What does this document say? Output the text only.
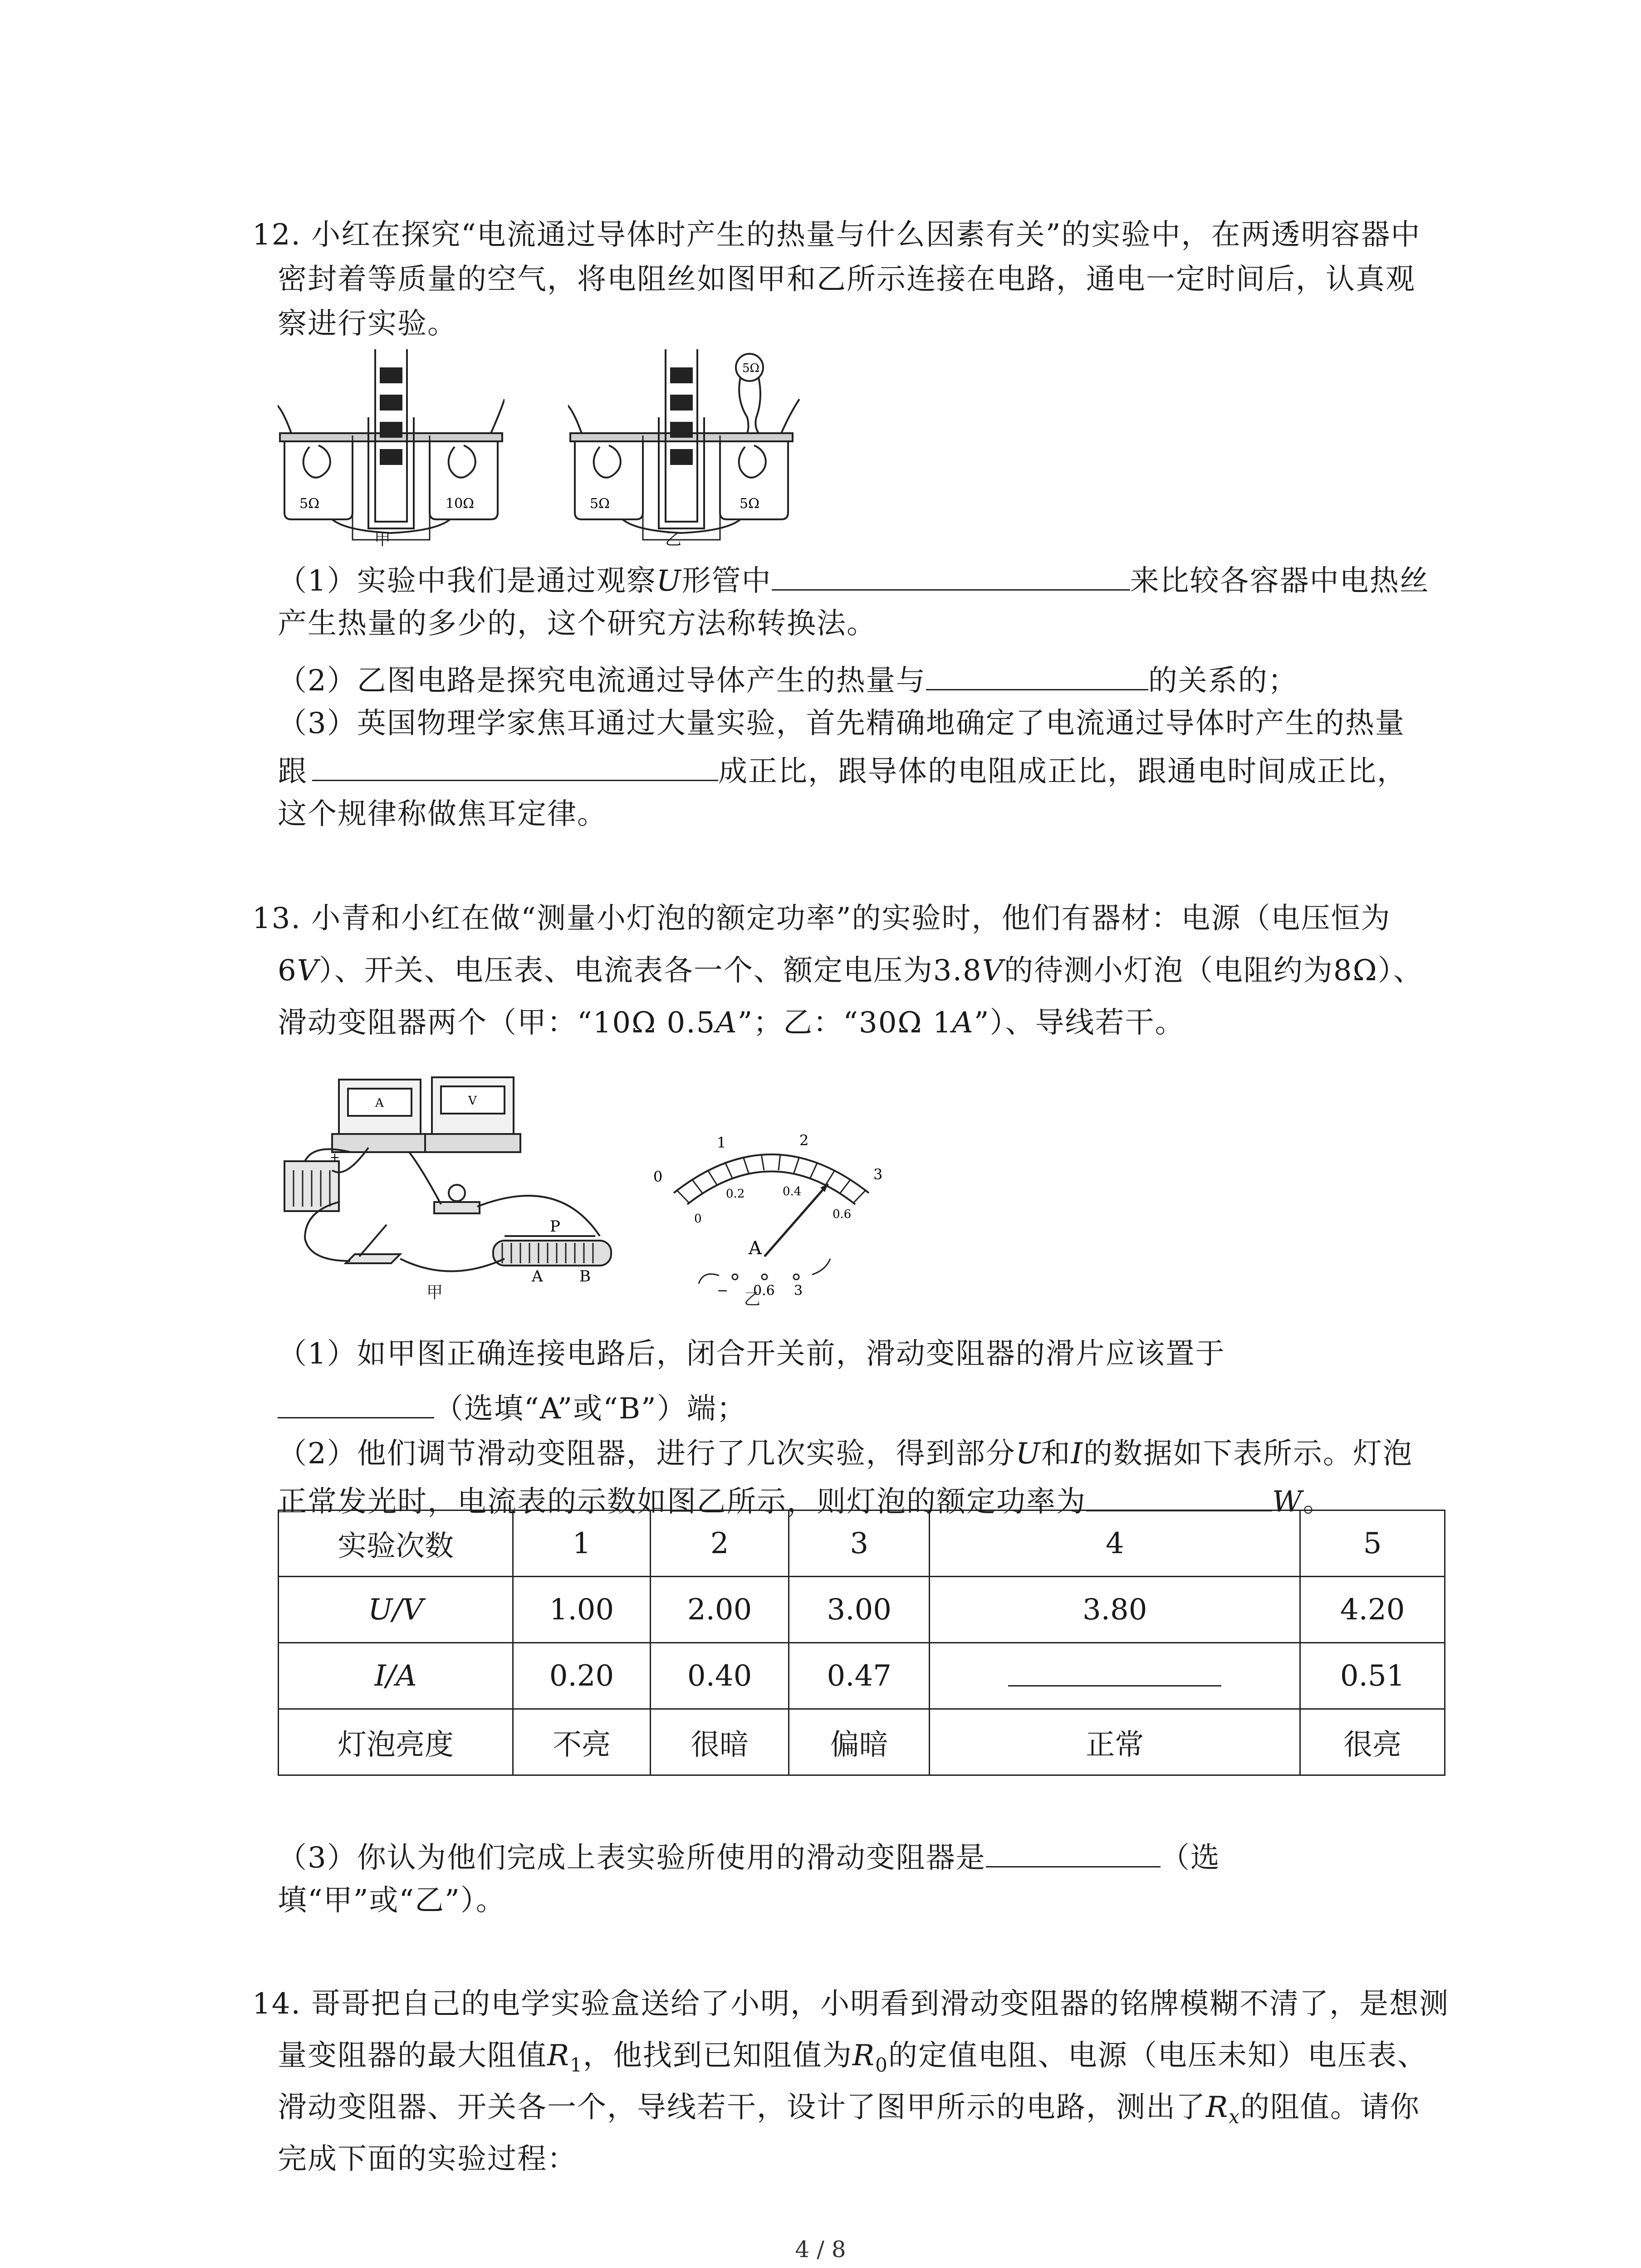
12. 小红在探究“电流通过导体时产生的热量与什么因素有关”的实验中，在两透明容器中
密封着等质量的空气，将电阻丝如图甲和乙所示连接在电路，通电一定时间后，认真观
察进行实验。
5Ω	10Ω
甲
5Ω
5Ω	5Ω
乙
（1）实验中我们是通过观察U形管中	来比较各容器中电热丝
产生热量的多少的，这个研究方法称转换法。
（2）乙图电路是探究电流通过导体产生的热量与	的关系的；
（3）英国物理学家焦耳通过大量实验，首先精确地确定了电流通过导体时产生的热量
跟	成正比，跟导体的电阻成正比，跟通电时间成正比，
这个规律称做焦耳定律。
13. 小青和小红在做“测量小灯泡的额定功率”的实验时，他们有器材：电源（电压恒为
6V）、开关、电压表、电流表各一个、额定电压为3.8V的待测小灯泡（电阻约为8Ω）、
滑动变阻器两个（甲：“10Ω 0.5A”；乙：“30Ω 1A”）、导线若干。
A	V
+
P
A B
甲
0
1	2
3
0
0.2	0.4
0.6
A
− 0.6 3
乙
（1）如甲图正确连接电路后，闭合开关前，滑动变阻器的滑片应该置于
（选填“A”或“B”）端；
（2）他们调节滑动变阻器，进行了几次实验，得到部分U和I的数据如下表所示。灯泡
正常发光时，电流表的示数如图乙所示，则灯泡的额定功率为	W。
实验次数	1	2	3	4	5
U/V	1.00	2.00	3.00	3.80	4.20
I/A	0.20	0.40	0.47		0.51
灯泡亮度	不亮	很暗	偏暗	正常	很亮
（3）你认为他们完成上表实验所使用的滑动变阻器是	（选
填“甲”或“乙”）。
14. 哥哥把自己的电学实验盒送给了小明，小明看到滑动变阻器的铭牌模糊不清了，是想测
量变阻器的最大阻值$R_1$，他找到已知阻值为$R_0$的定值电阻、电源（电压未知）电压表、
滑动变阻器、开关各一个，导线若干，设计了图甲所示的电路，测出了$R_x$的阻值。请你
完成下面的实验过程：
4 / 8
